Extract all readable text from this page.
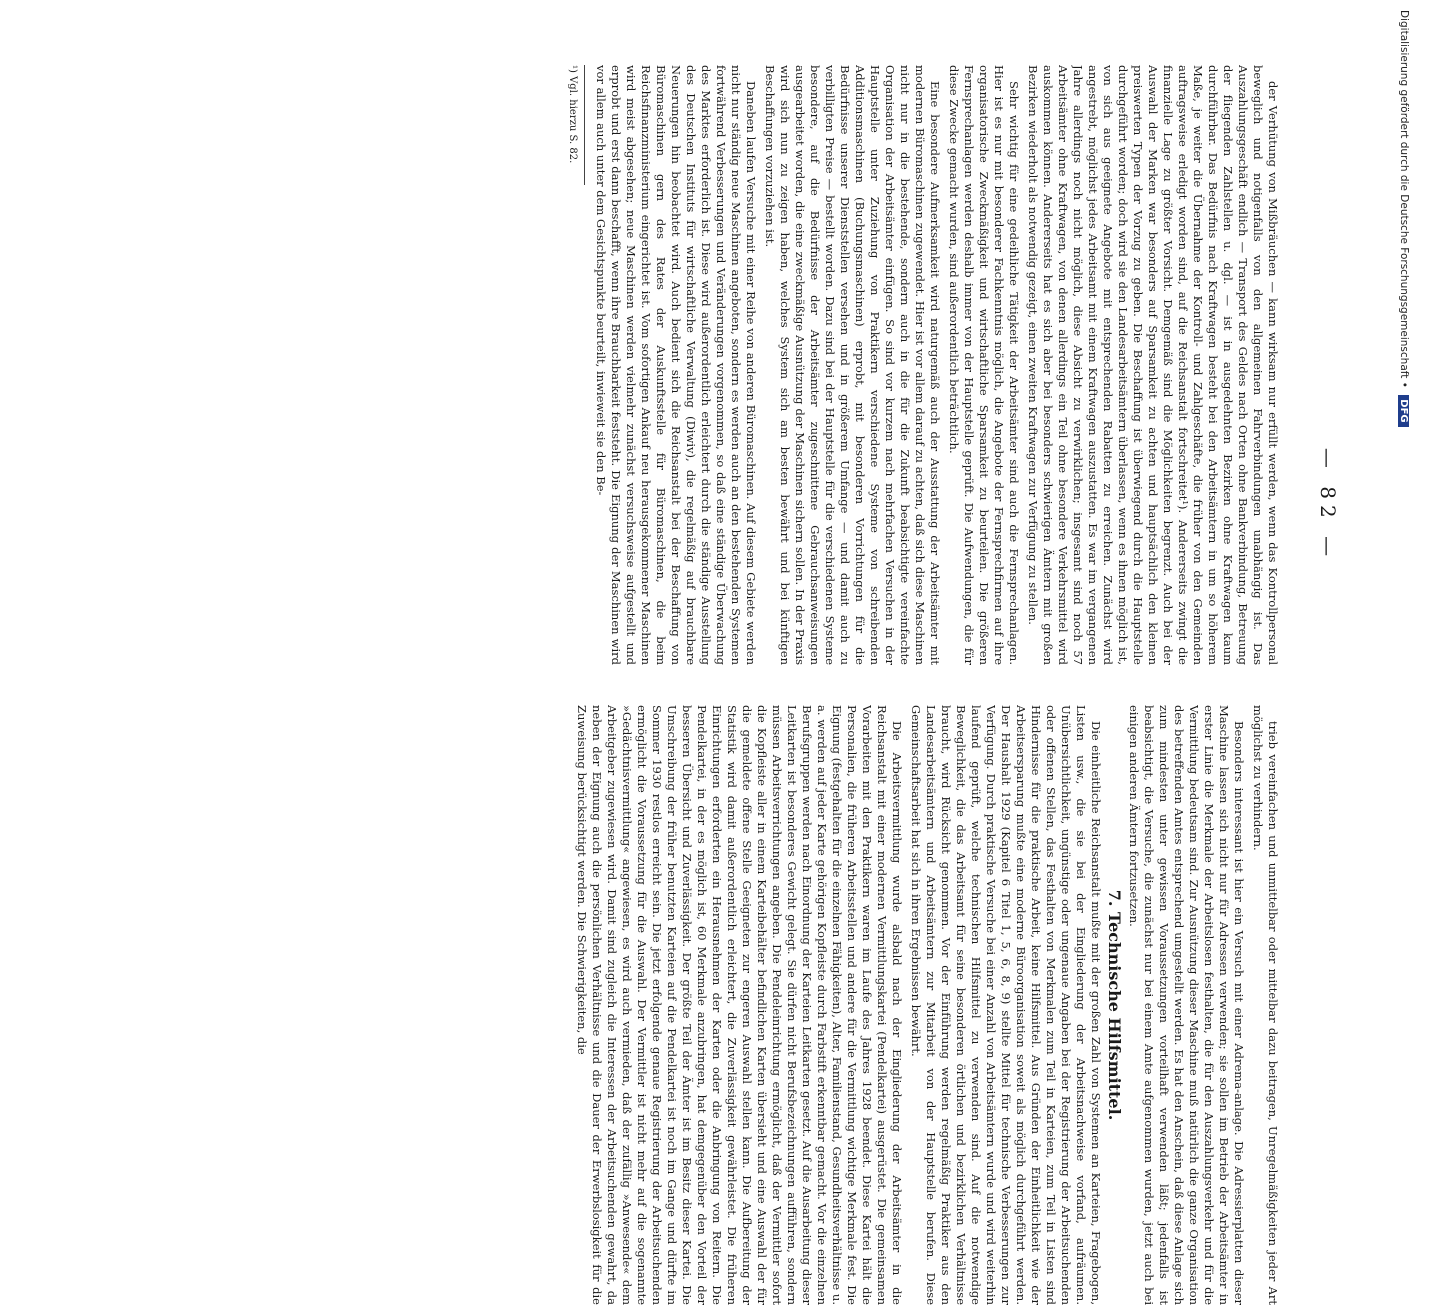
— 82 —

der Verhütung von Mißbräuchen — kann wirksam nur erfüllt werden, wenn das Kontrollpersonal beweglich und notigenfalls von den allgemeinen Fahrverbindungen unabhängig ist. Das Auszahlungsgeschäft endlich — Transport des Geldes nach Orten ohne Bankverbindung, Betreuung der fliegenden Zahlstellen u. dgl. — ist in ausgedehnten Bezirken ohne Kraftwagen kaum durchführbar. Das Bedürfnis nach Kraftwagen besteht bei den Arbeitsämtern in um so höherem Maße, je weiter die Übernahme der Kontroll- und Zahlgeschäfte, die früher von den Gemeinden auftragsweise erledigt worden sind, auf die Reichsanstalt fortschreitet¹). Andererseits zwingt die finanzielle Lage zu größter Vorsicht. Demgemäß sind die Möglichkeiten begrenzt. Auch bei der Auswahl der Marken war besonders auf Sparsamkeit zu achten und hauptsächlich den kleinen preiswerten Typen der Vorzug zu geben. Die Beschaffung ist überwiegend durch die Hauptstelle durchgeführt worden; doch wird sie den Landesarbeitsämtern überlassen, wenn es ihnen möglich ist, von sich aus geeignete Angebote mit entsprechenden Rabatten zu erreichen. Zunächst wird angestrebt, möglichst jedes Arbeitsamt mit einem Kraftwagen auszustatten. Es war im vergangenen Jahre allerdings noch nicht möglich, diese Absicht zu verwirklichen; insgesamt sind noch 57 Arbeitsämter ohne Kraftwagen, von denen allerdings ein Teil ohne besondere Verkehrsmittel wird auskommen können. Andererseits hat es sich aber bei besonders schwierigen Ämtern mit großen Bezirken wiederholt als notwendig gezeigt, einen zweiten Kraftwagen zur Verfügung zu stellen.

Sehr wichtig für eine gedeihliche Tätigkeit der Arbeitsämter sind auch die Fernsprechanlagen. Hier ist es nur mit besonderer Fachkenntnis möglich, die Angebote der Fernsprechfirmen auf ihre organisatorische Zweckmäßigkeit und wirtschaftliche Sparsamkeit zu beurteilen. Die größeren Fernsprechanlagen werden deshalb immer von der Hauptstelle geprüft. Die Aufwendungen, die für diese Zwecke gemacht wurden, sind außerordentlich beträchtlich.

Eine besondere Aufmerksamkeit wird naturgemäß auch der Ausstattung der Arbeitsämter mit modernen Büromaschinen zugewendet. Hier ist vor allem darauf zu achten, daß sich diese Maschinen nicht nur in die bestehende, sondern auch in die für die Zukunft beabsichtigte vereinfachte Organisation der Arbeitsämter einfügen. So sind vor kurzem nach mehrfachen Versuchen in der Hauptstelle unter Zuziehung von Praktikern verschiedene Systeme von schreibenden Additionsmaschinen (Buchungsmaschinen) erprobt, mit besonderen Vorrichtungen für die Bedürfnisse unserer Dienststellen versehen und in größerem Umfange — und damit auch zu verbilligten Preise — bestellt worden. Dazu sind bei der Hauptstelle für die verschiedenen Systeme besondere, auf die Bedürfnisse der Arbeitsämter zugeschnittene Gebrauchsanweisungen ausgearbeitet worden, die eine zweckmäßige Ausnützung der Maschinen sichern sollen. In der Praxis wird sich nun zu zeigen haben, welches System sich am besten bewährt und bei künftigen Beschaffungen vorzuziehen ist.

Daneben laufen Versuche mit einer Reihe von anderen Büromaschinen. Auf diesem Gebiete werden nicht nur ständig neue Maschinen angeboten, sondern es werden auch an den bestehenden Systemen fortwährend Verbesserungen und Veränderungen vorgenommen, so daß eine ständige Überwachung des Marktes erforderlich ist. Diese wird außerordentlich erleichtert durch die ständige Ausstellung des Deutschen Instituts für wirtschaftliche Verwaltung (Diwiv), die regelmäßig auf brauchbare Neuerungen hin beobachtet wird. Auch bedient sich die Reichsanstalt bei der Beschaffung von Büromaschinen gern des Rates der Auskunftsstelle für Büromaschinen, die beim Reichsfinanzministerium eingerichtet ist. Vom sofortigen Ankauf neu herausgekommener Maschinen wird meist abgesehen; neue Maschinen werden vielmehr zunächst versuchsweise aufgestellt und erprobt und erst dann beschafft, wenn ihre Brauchbarkeit feststeht. Die Eignung der Maschinen wird vor allem auch unter dem Gesichtspunkte beurteilt, inwieweit sie den Be-

¹) Vgl. hierzu S. 82.

trieb vereinfachen und unmittelbar oder mittelbar dazu beitragen, Unregelmäßigkeiten jeder Art möglichst zu verhindern.

Besonders interessant ist hier ein Versuch mit einer Adrema-anlage. Die Adressierplatten dieser Maschine lassen sich nicht nur für Adressen verwenden; sie sollen im Betrieb der Arbeitsämter in erster Linie die Merkmale der Arbeitslosen festhalten, die für den Auszahlungsverkehr und für die Vermittlung bedeutsam sind. Zur Ausnützung dieser Maschine muß natürlich die ganze Organisation des betreffenden Amtes entsprechend umgestellt werden. Es hat den Anschein, daß diese Anlage sich zum mindesten unter gewissen Voraussetzungen vorteilhaft verwenden läßt; jedenfalls ist beabsichtigt, die Versuche, die zunächst nur bei einem Amte aufgenommen wurden, jetzt auch bei einigen anderen Ämtern fortzusetzen.

7. Technische Hilfsmittel.

Die einheitliche Reichsanstalt mußte mit der großen Zahl von Systemen an Karteien, Fragebogen, Listen usw., die sie bei der Eingliederung der Arbeitsnachweise vorfand, aufräumen. Unübersichtlichkeit, ungünstige oder ungenaue Angaben bei der Registrierung der Arbeitsuchenden oder offenen Stellen, das Festhalten von Merkmalen zum Teil in Karteien, zum Teil in Listen sind Hindernisse für die praktische Arbeit, keine Hilfsmittel. Aus Gründen der Einheitlichkeit wie der Arbeitsersparung mußte eine moderne Büroorganisation soweit als möglich durchgeführt werden. Der Haushalt 1929 (Kapitel 6 Titel 1, 5, 6, 8, 9) stellte Mittel für technische Verbesserungen zur Verfügung. Durch praktische Versuche bei einer Anzahl von Arbeitsämtern wurde und wird weiterhin laufend geprüft, welche technischen Hilfsmittel zu verwenden sind. Auf die notwendige Beweglichkeit, die das Arbeitsamt für seine besonderen örtlichen und bezirklichen Verhältnisse braucht, wird Rücksicht genommen. Vor der Einführung werden regelmäßig Praktiker aus den Landesarbeitsämtern und Arbeitsämtern zur Mitarbeit von der Hauptstelle berufen. Diese Gemeinschaftsarbeit hat sich in ihren Ergebnissen bewährt.

Die Arbeitsvermittlung wurde alsbald nach der Eingliederung der Arbeitsämter in die Reichsanstalt mit einer modernen Vermittlungskartei (Pendelkartei) ausgerüstet. Die gemeinsamen Vorarbeiten mit den Praktikern waren im Laufe des Jahres 1928 beendet. Diese Kartei hält die Personalien, die früheren Arbeitsstellen und andere für die Vermittlung wichtige Merkmale fest. Die Eignung (festgehalten für die einzelnen Fähigkeiten), Alter, Familienstand, Gesundheitsverhältnisse u. a. werden auf jeder Karte gehörigen Kopfleiste durch Farbstift erkenntbar gemacht. Vor die einzelnen Berufsgruppen werden nach Einordnung der Karteien Leitkarten gesetzt. Auf die Ausarbeitung dieser Leitkarten ist besonderes Gewicht gelegt. Sie dürfen nicht Berufsbezeichnungen aufführen, sondern müssen Arbeitsverrichtungen angeben. Die Pendeleinrichtung ermöglicht, daß der Vermittler sofort die Kopfleiste aller in einem Karteibehälter befindlichen Karten übersieht und eine Auswahl der für die gemeldete offene Stelle Geeigneten zur engeren Auswahl stellen kann. Die Aufbereitung der Statistik wird damit außerordentlich erleichtert, die Zuverlässigkeit gewährleistet. Die früheren Einrichtungen erforderten ein Herausnehmen der Karten oder die Anbringung von Reitern. Die Pendelkartei, in der es möglich ist, 60 Merkmale anzubringen, hat demgegenüber den Vorteil der besseren Übersicht und Zuverlässigkeit. Der größte Teil der Ämter ist im Besitz dieser Kartei. Die Umschreibung der früher benutzten Karteien auf die Pendelkartei ist noch im Gange und dürfte im Sommer 1930 restlos erreicht sein. Die jetzt erfolgende genaue Registrierung der Arbeitsuchenden ermöglicht die Voraussetzung für die Auswahl. Der Vermittler ist nicht mehr auf die sogenannte »Gedächtnisvermittlung« angewiesen, es wird auch vermieden, daß der zufällig »Anwesende« dem Arbeitgeber zugewiesen wird. Damit sind zugleich die Interessen der Arbeitsuchenden gewahrt, da neben der Eignung auch die persönlichen Verhältnisse und die Dauer der Erwerbslosigkeit für die Zuweisung berücksichtigt werden. Die Schwierigkeiten, die

Digitalisierung gefördert durch die Deutsche Forschungsgemeinschaft • DFG
